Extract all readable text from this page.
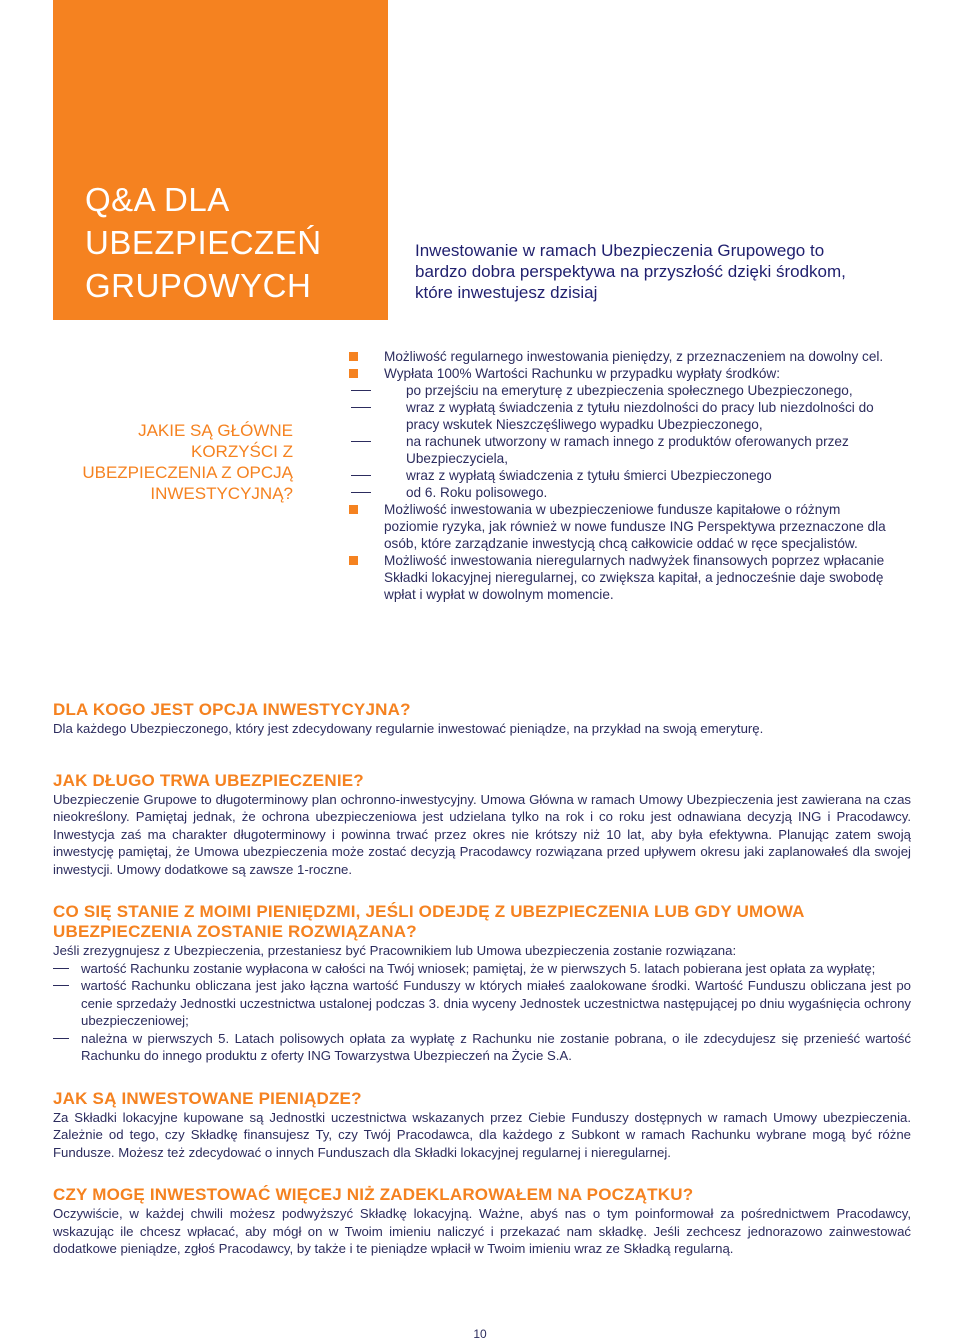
Q&A DLA
UBEZPIECZEŃ
GRUPOWYCH
Inwestowanie w ramach Ubezpieczenia Grupowego to bardzo dobra perspektywa na przyszłość dzięki środkom, które inwestujesz dzisiaj
JAKIE SĄ GŁÓWNE KORZYŚCI Z UBEZPIECZENIA Z OPCJĄ INWESTYCYJNĄ?
Możliwość regularnego inwestowania pieniędzy, z przeznaczeniem na dowolny cel.
Wypłata 100% Wartości Rachunku w przypadku wypłaty środków:
po przejściu na emeryturę z ubezpieczenia społecznego Ubezpieczonego,
wraz z wypłatą świadczenia z tytułu niezdolności do pracy lub niezdolności do pracy wskutek Nieszczęśliwego wypadku Ubezpieczonego,
na rachunek utworzony w ramach innego z produktów oferowanych przez Ubezpieczyciela,
wraz z wypłatą świadczenia z tytułu śmierci Ubezpieczonego
od 6. Roku polisowego.
Możliwość inwestowania w ubezpieczeniowe fundusze kapitałowe o różnym poziomie ryzyka, jak również w nowe fundusze ING Perspektywa przeznaczone dla osób, które zarządzanie inwestycją chcą całkowicie oddać w ręce specjalistów.
Możliwość inwestowania nieregularnych nadwyżek finansowych poprzez wpłacanie Składki lokacyjnej nieregularnej, co zwiększa kapitał, a jednocześnie daje swobodę wpłat i wypłat w dowolnym momencie.
DLA KOGO JEST OPCJA INWESTYCYJNA?

Dla każdego Ubezpieczonego, który jest zdecydowany regularnie inwestować pieniądze, na przykład na swoją emeryturę.

JAK DŁUGO TRWA UBEZPIECZENIE?

Ubezpieczenie Grupowe to długoterminowy plan ochronno-inwestycyjny. Umowa Główna w ramach Umowy Ubezpieczenia jest zawierana na czas nieokreślony. Pamiętaj jednak, że ochrona ubezpieczeniowa jest udzielana tylko na rok i co roku jest odnawiana decyzją ING i Pracodawcy. Inwestycja zaś ma charakter długoterminowy i powinna trwać przez okres nie krótszy niż 10 lat, aby była efektywna. Planując zatem swoją inwestycję pamiętaj, że Umowa ubezpieczenia może zostać decyzją Pracodawcy rozwiązana przed upływem okresu jaki zaplanowałeś dla swojej inwestycji. Umowy dodatkowe są zawsze 1-roczne.

CO SIĘ STANIE Z MOIMI PIENIĘDZMI, JEŚLI ODEJDĘ Z UBEZPIECZENIA LUB GDY UMOWA UBEZPIECZENIA ZOSTANIE ROZWIĄZANA?

Jeśli zrezygnujesz z Ubezpieczenia, przestaniesz być Pracownikiem lub Umowa ubezpieczenia zostanie rozwiązana:

wartość Rachunku zostanie wypłacona w całości na Twój wniosek; pamiętaj, że w pierwszych 5. latach pobierana jest opłata za wypłatę;
wartość Rachunku obliczana jest jako łączna wartość Funduszy w których miałeś zaalokowane środki. Wartość Funduszu obliczana jest po cenie sprzedaży Jednostki uczestnictwa ustalonej podczas 3. dnia wyceny Jednostek uczestnictwa następującej po dniu wygaśnięcia ochrony ubezpieczeniowej;
należna w pierwszych 5. Latach polisowych opłata za wypłatę z Rachunku nie zostanie pobrana, o ile zdecydujesz się przenieść wartość Rachunku do innego produktu z oferty ING Towarzystwa Ubezpieczeń na Życie S.A.
JAK SĄ INWESTOWANE PIENIĄDZE?

Za Składki lokacyjne kupowane są Jednostki uczestnictwa wskazanych przez Ciebie Funduszy dostępnych w ramach Umowy ubezpieczenia. Zależnie od tego, czy Składkę finansujesz Ty, czy Twój Pracodawca, dla każdego z Subkont w ramach Rachunku wybrane mogą być różne Fundusze. Możesz też zdecydować o innych Funduszach dla Składki lokacyjnej regularnej i nieregularnej.

CZY MOGĘ INWESTOWAĆ WIĘCEJ NIŻ ZADEKLAROWAŁEM NA POCZĄTKU?

Oczywiście, w każdej chwili możesz podwyższyć Składkę lokacyjną. Ważne, abyś nas o tym poinformował za pośrednictwem Pracodawcy, wskazując ile chcesz wpłacać, aby mógł on w Twoim imieniu naliczyć i przekazać nam składkę. Jeśli zechcesz jednorazowo zainwestować dodatkowe pieniądze, zgłoś Pracodawcy, by także i te pieniądze wpłacił w Twoim imieniu wraz ze Składką regularną.

10
